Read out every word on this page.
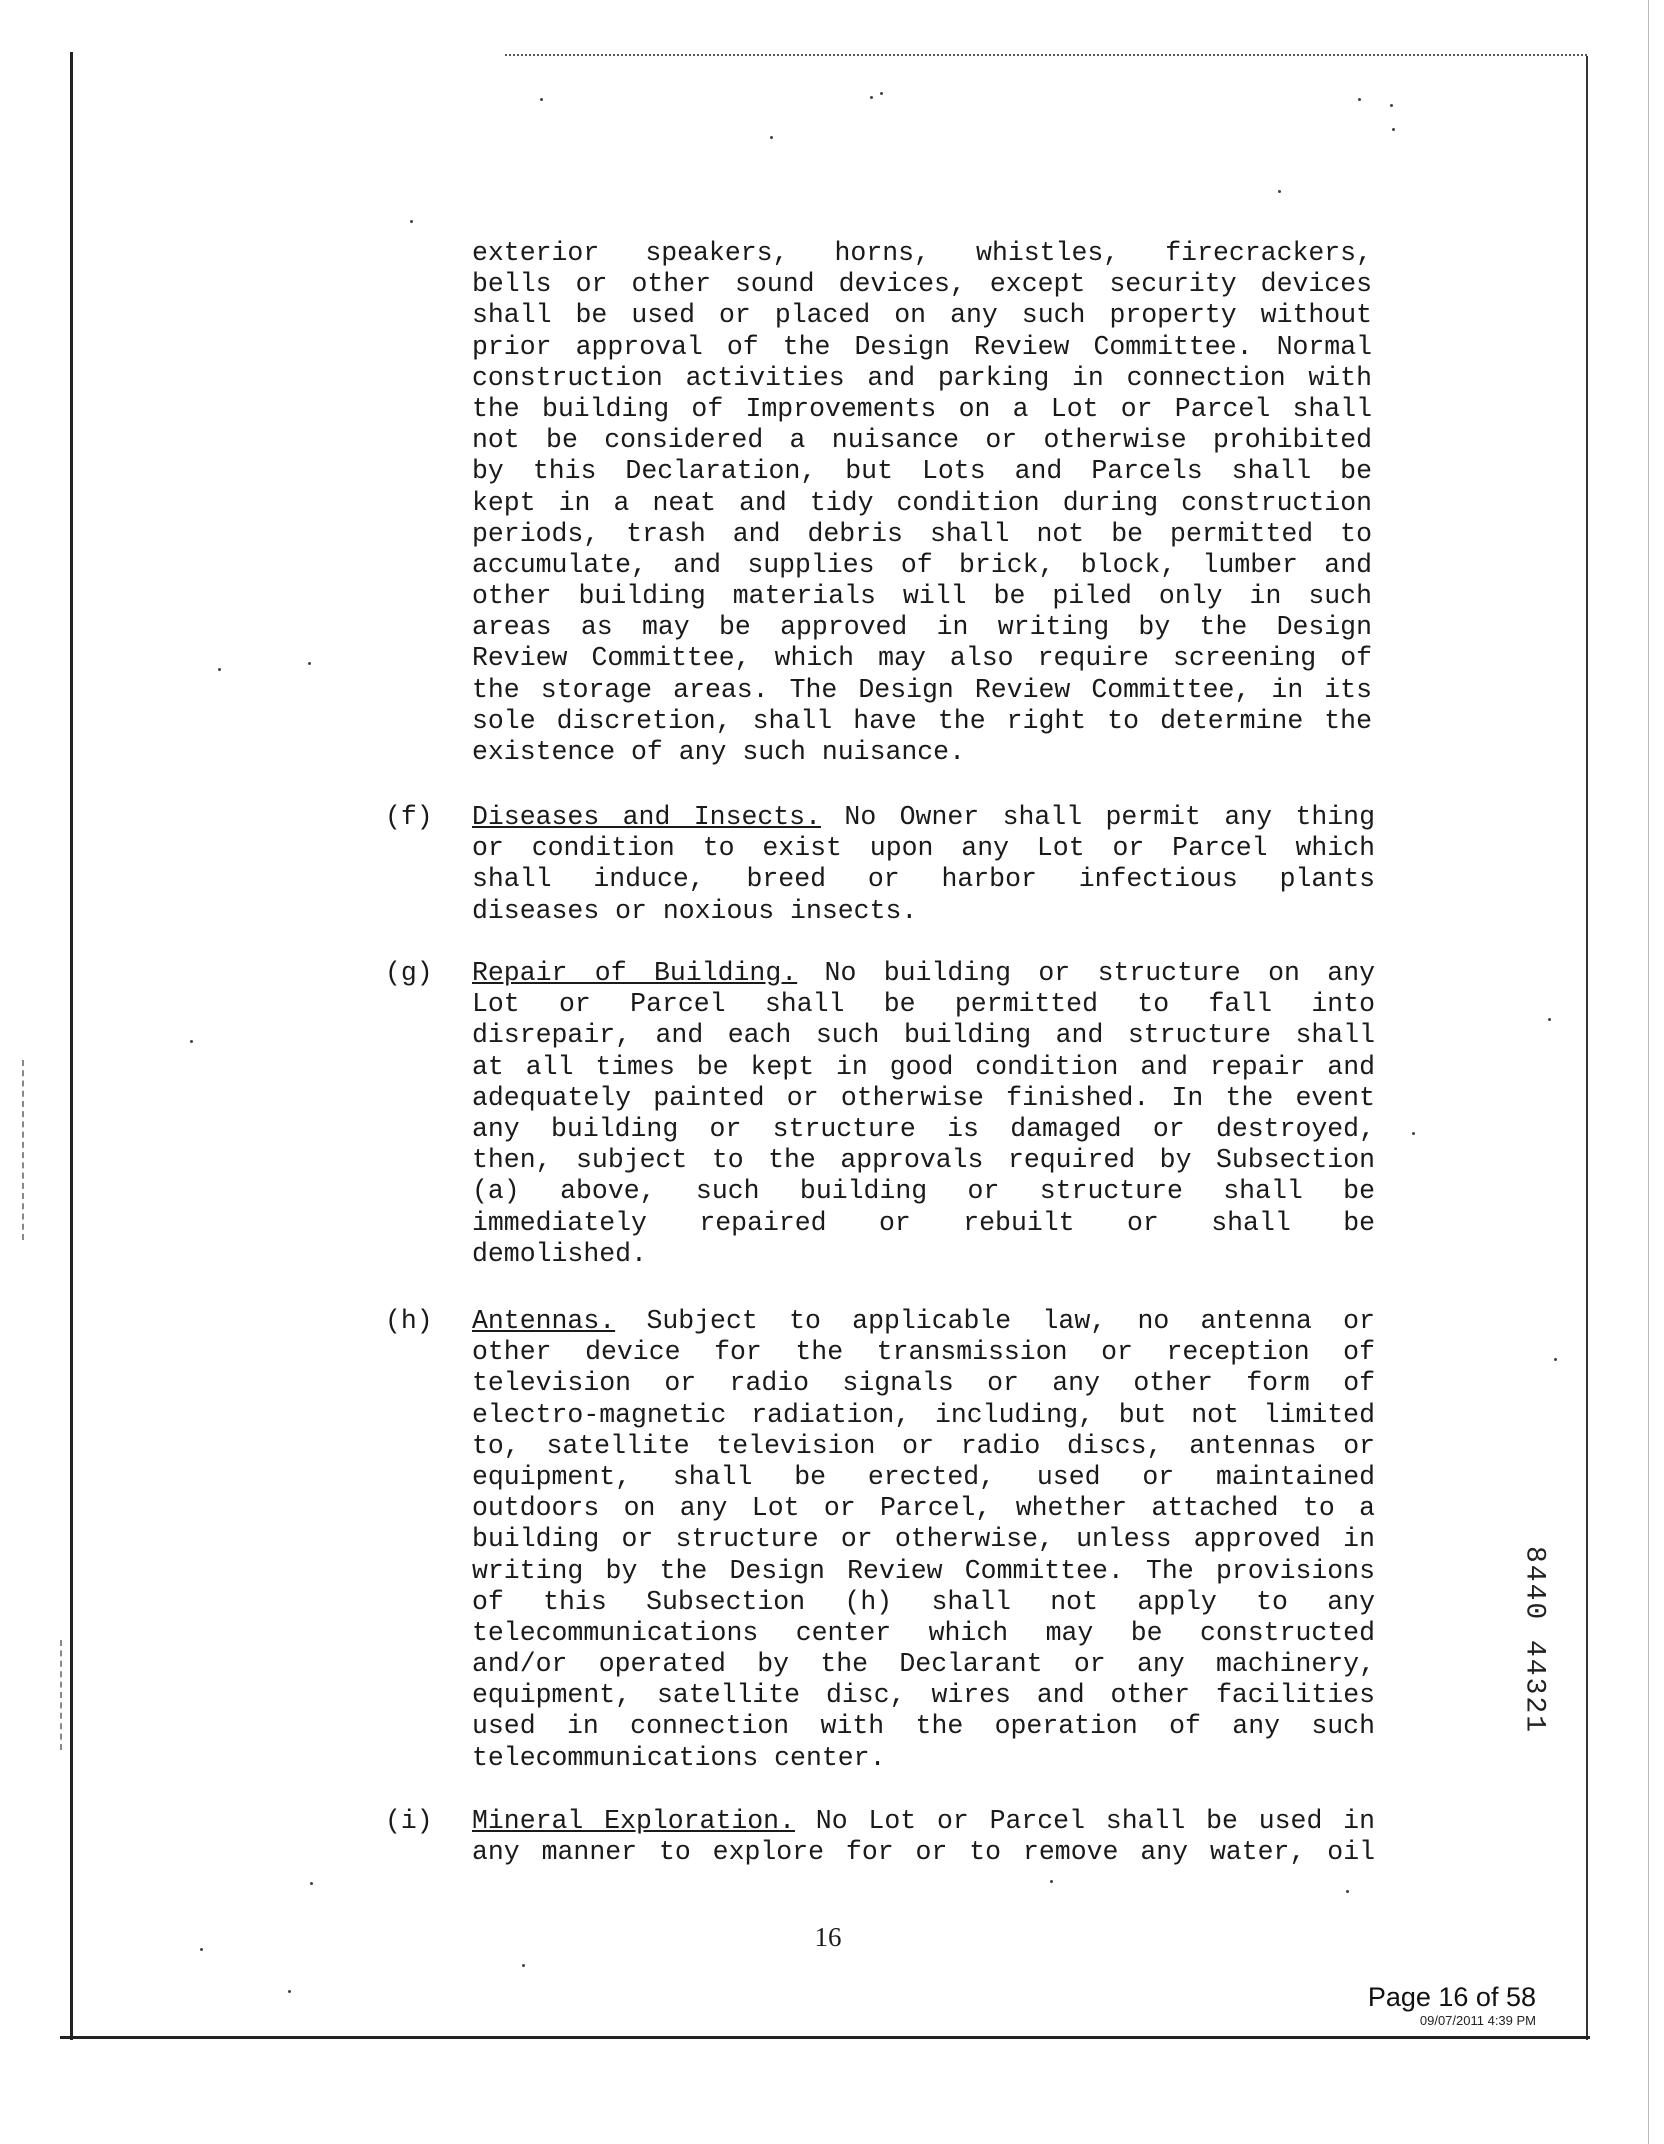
exterior speakers, horns, whistles, firecrackers,
bells or other sound devices, except security devices
shall be used or placed on any such property without
prior approval of the Design Review Committee. Normal
construction activities and parking in connection with
the building of Improvements on a Lot or Parcel shall
not be considered a nuisance or otherwise prohibited
by this Declaration, but Lots and Parcels shall be
kept in a neat and tidy condition during construction
periods, trash and debris shall not be permitted to
accumulate, and supplies of brick, block, lumber and
other building materials will be piled only in such
areas as may be approved in writing by the Design
Review Committee, which may also require screening of
the storage areas. The Design Review Committee, in its
sole discretion, shall have the right to determine the
existence of any such nuisance.
(f)	Diseases and Insects. No Owner shall permit any thing
or condition to exist upon any Lot or Parcel which
shall induce, breed or harbor infectious plants
diseases or noxious insects.
(g)	Repair of Building. No building or structure on any
Lot or Parcel shall be permitted to fall into
disrepair, and each such building and structure shall
at all times be kept in good condition and repair and
adequately painted or otherwise finished. In the event
any building or structure is damaged or destroyed,
then, subject to the approvals required by Subsection
(a) above, such building or structure shall be
immediately repaired or rebuilt or shall be
demolished.
(h)	Antennas. Subject to applicable law, no antenna or
other device for the transmission or reception of
television or radio signals or any other form of
electro-magnetic radiation, including, but not limited
to, satellite television or radio discs, antennas or
equipment, shall be erected, used or maintained
outdoors on any Lot or Parcel, whether attached to a
building or structure or otherwise, unless approved in
writing by the Design Review Committee. The provisions
of this Subsection (h) shall not apply to any
telecommunications center which may be constructed
and/or operated by the Declarant or any machinery,
equipment, satellite disc, wires and other facilities
used in connection with the operation of any such
telecommunications center.
(i)	Mineral Exploration. No Lot or Parcel shall be used in
any manner to explore for or to remove any water, oil
16
8440 44321
Page 16 of 58
09/07/2011 4:39 PM
